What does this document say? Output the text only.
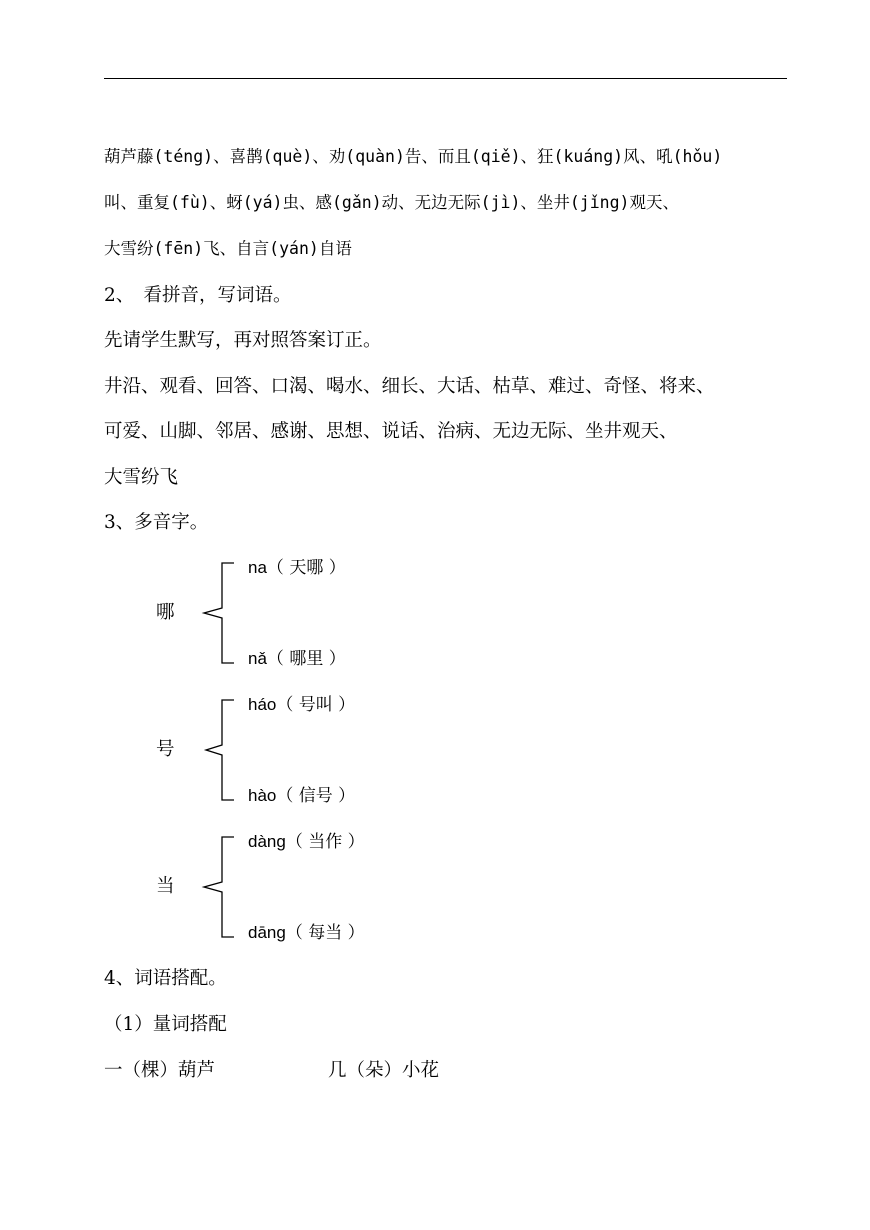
葫芦藤(téng)、喜鹊(què)、劝(quàn)告、而且(qiě)、狂(kuáng)风、吼(hǒu)
叫、重复(fù)、蚜(yá)虫、感(gǎn)动、无边无际(jì)、坐井(jǐng)观天、
大雪纷(fēn)飞、自言(yán)自语
2、　看拼音，写词语。
先请学生默写，再对照答案订正。
井沿、观看、回答、口渴、喝水、细长、大话、枯草、难过、奇怪、将来、
可爱、山脚、邻居、感谢、思想、说话、治病、无边无际、坐井观天、
大雪纷飞
3、多音字。
哪
na（ 天哪 ）
nǎ（ 哪里 ）
号
háo（ 号叫 ）
hào（ 信号 ）
当
dàng（ 当作 ）
dāng（ 每当 ）
4、词语搭配。
（1）量词搭配
一（棵）葫芦	几（朵）小花
